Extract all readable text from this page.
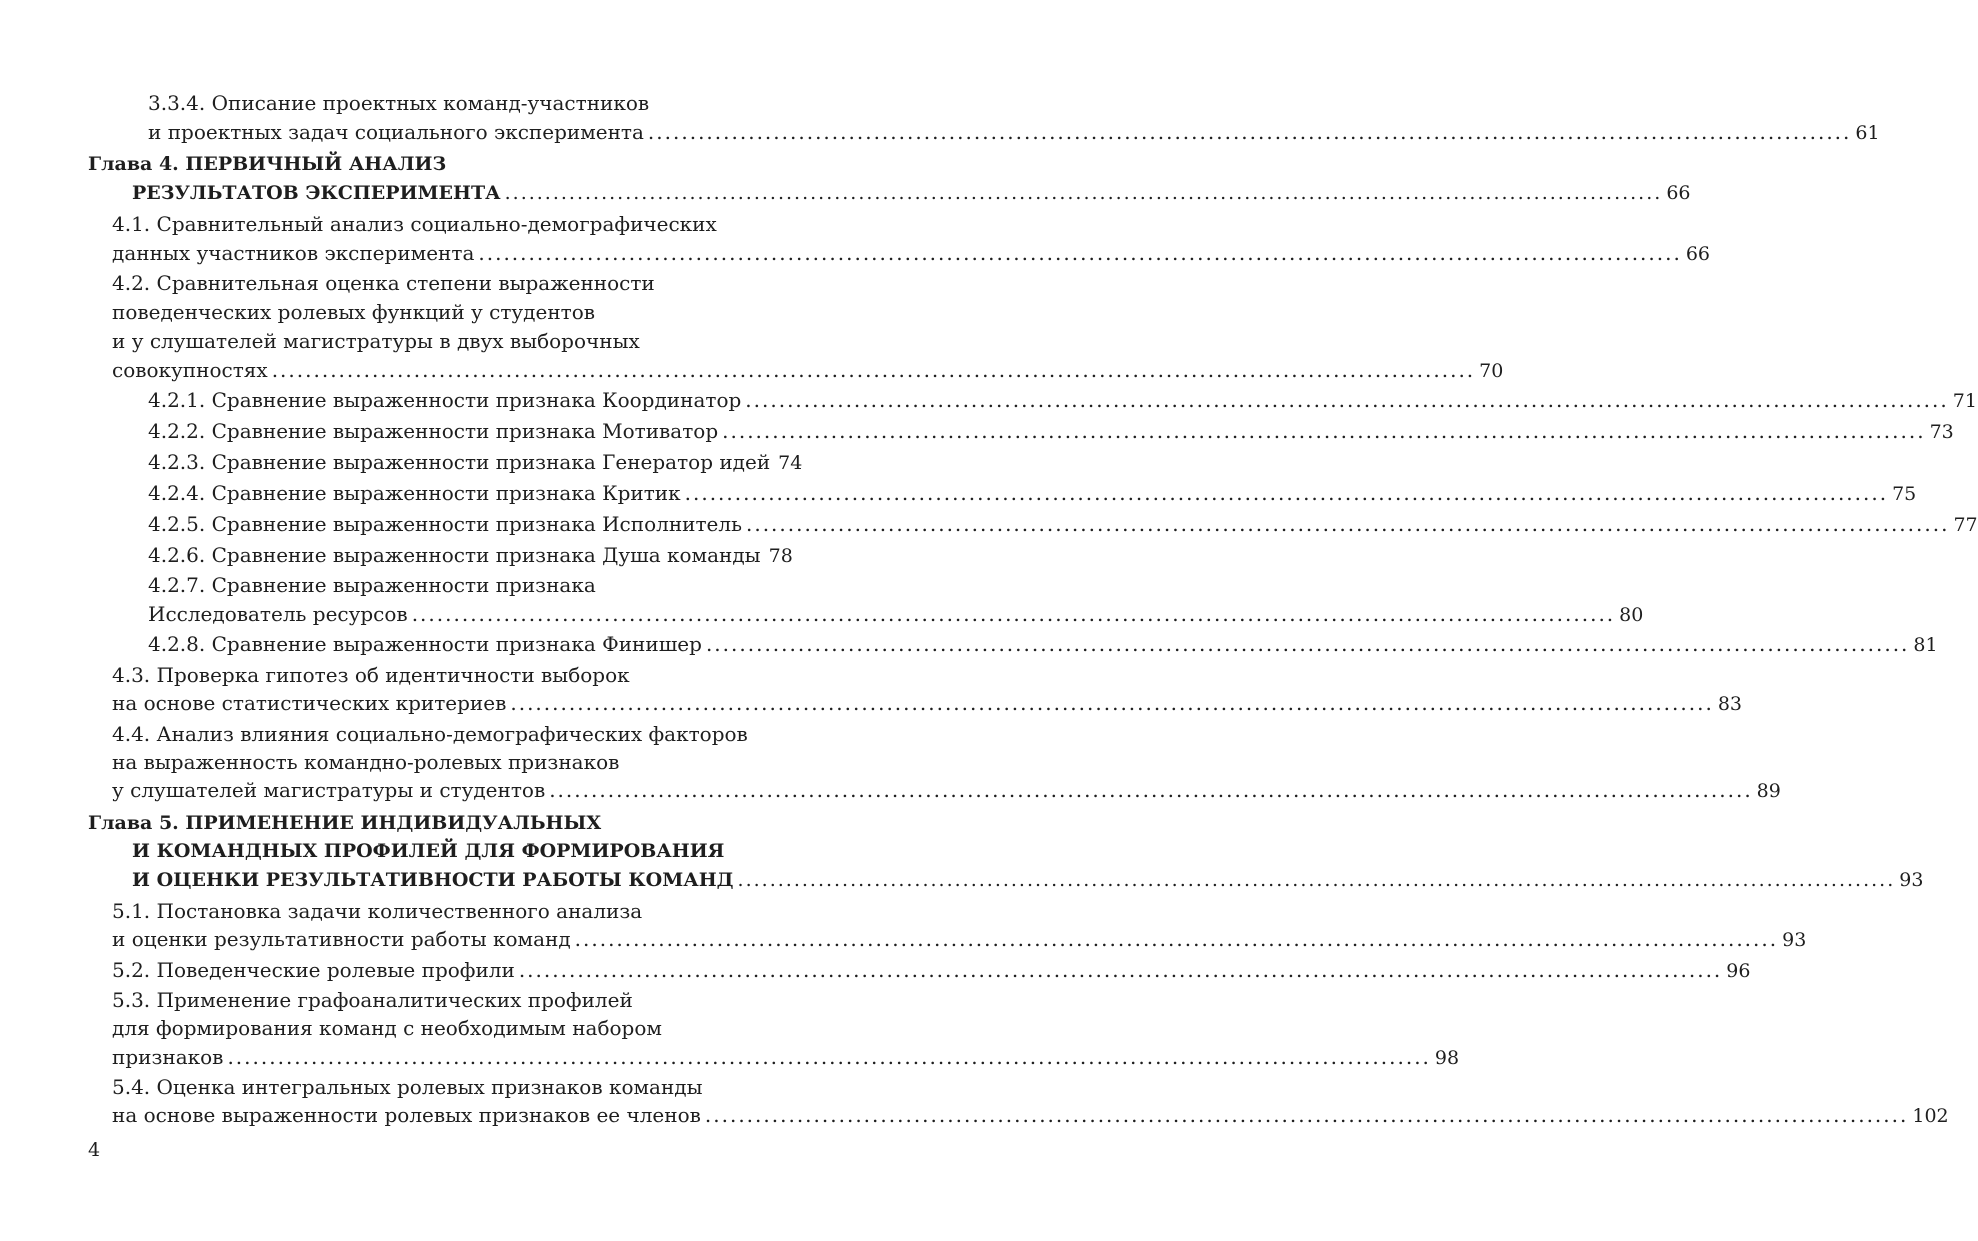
3.3.4. Описание проектных команд-участников
и проектных задач социального эксперимента ................................................................................................................................................ 61
Глава 4. ПЕРВИЧНЫЙ АНАЛИЗ
РЕЗУЛЬТАТОВ ЭКСПЕРИМЕНТА ................................................................................................................................................ 66
4.1. Сравнительный анализ социально-демографических
данных участников эксперимента ................................................................................................................................................ 66
4.2. Сравнительная оценка степени выраженности
поведенческих ролевых функций у студентов
и у слушателей магистратуры в двух выборочных
совокупностях ................................................................................................................................................ 70
4.2.1. Сравнение выраженности признака Координатор ................................................................................................................................................ 71
4.2.2. Сравнение выраженности признака Мотиватор ................................................................................................................................................ 73
4.2.3. Сравнение выраженности признака Генератор идей 74
4.2.4. Сравнение выраженности признака Критик ................................................................................................................................................ 75
4.2.5. Сравнение выраженности признака Исполнитель ................................................................................................................................................ 77
4.2.6. Сравнение выраженности признака Душа команды 78
4.2.7. Сравнение выраженности признака
Исследователь ресурсов ................................................................................................................................................ 80
4.2.8. Сравнение выраженности признака Финишер ................................................................................................................................................ 81
4.3. Проверка гипотез об идентичности выборок
на основе статистических критериев ................................................................................................................................................ 83
4.4. Анализ влияния социально-демографических факторов
на выраженность командно-ролевых признаков
у слушателей магистратуры и студентов ................................................................................................................................................ 89
Глава 5. ПРИМЕНЕНИЕ ИНДИВИДУАЛЬНЫХ
И КОМАНДНЫХ ПРОФИЛЕЙ ДЛЯ ФОРМИРОВАНИЯ
И ОЦЕНКИ РЕЗУЛЬТАТИВНОСТИ РАБОТЫ КОМАНД ................................................................................................................................................ 93
5.1. Постановка задачи количественного анализа
и оценки результативности работы команд ................................................................................................................................................ 93
5.2. Поведенческие ролевые профили ................................................................................................................................................ 96
5.3. Применение графоаналитических профилей
для формирования команд с необходимым набором
признаков ................................................................................................................................................ 98
5.4. Оценка интегральных ролевых признаков команды
на основе выраженности ролевых признаков ее членов ................................................................................................................................................ 102
4
